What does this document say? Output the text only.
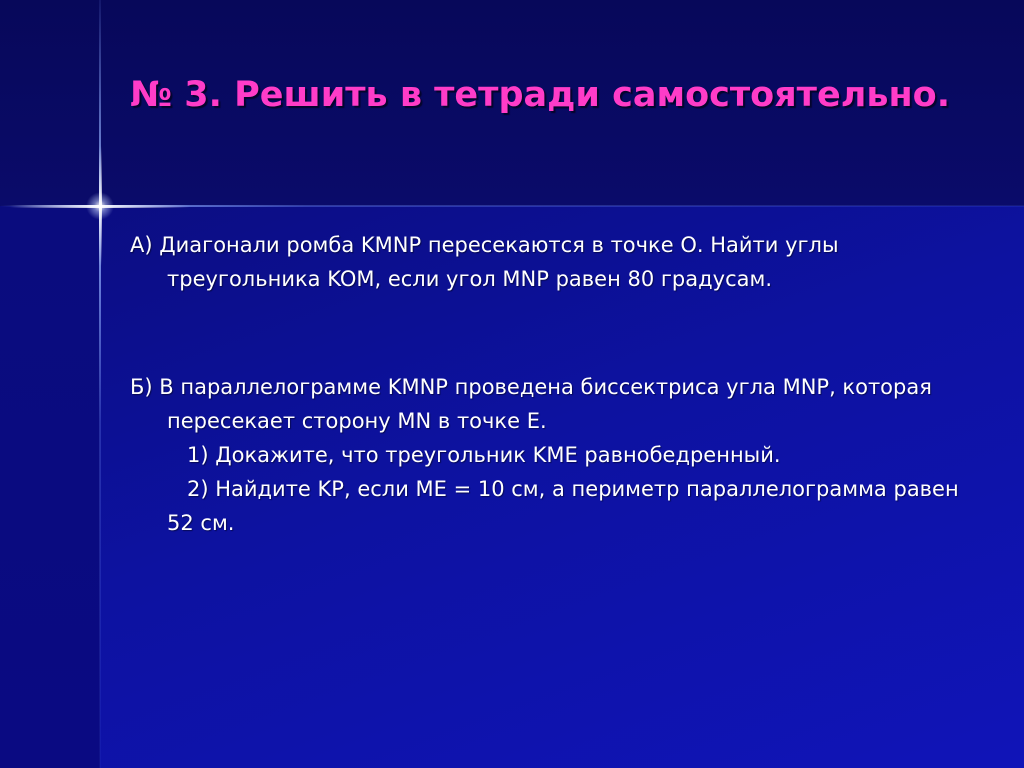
№ 3. Решить в тетради самостоятельно.

А) Диагонали ромба KMNP пересекаются в точке О. Найти углы треугольника KOM, если угол MNP равен 80 градусам.

Б) В параллелограмме KMNP проведена биссектриса угла MNP, которая пересекает сторону MN в точке Е.

1) Докажите, что треугольник KME равнобедренный.

2) Найдите KP, если ME = 10 см, а периметр параллелограмма равен 52 см.
